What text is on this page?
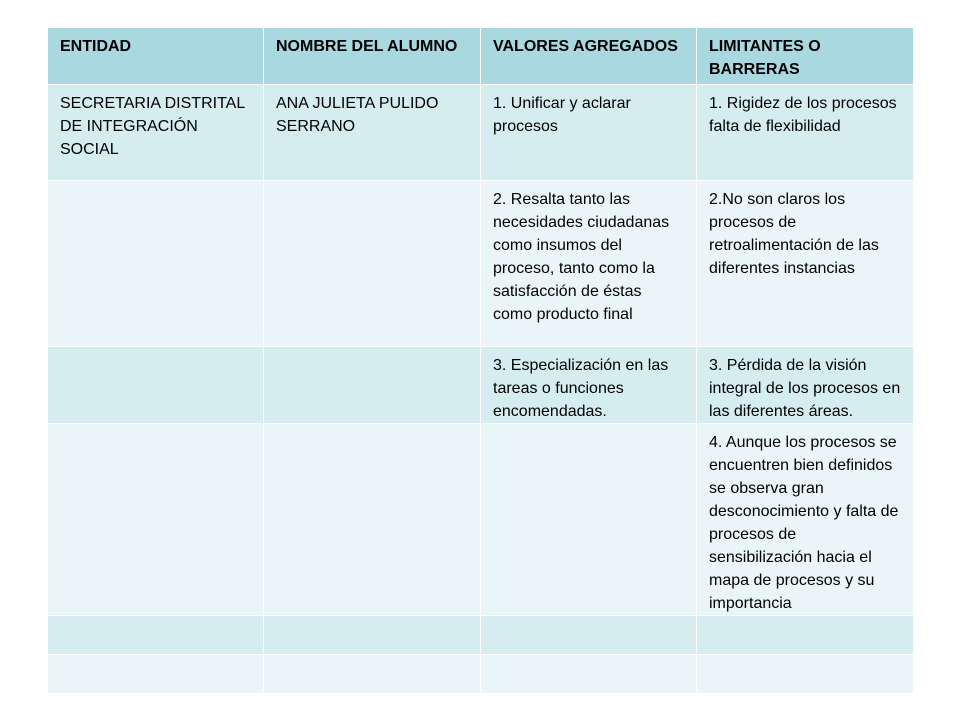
ENTIDAD	NOMBRE DEL ALUMNO	VALORES AGREGADOS	LIMITANTES O BARRERAS
SECRETARIA DISTRITAL DE INTEGRACIÓN SOCIAL	ANA JULIETA PULIDO SERRANO	1. Unificar y aclarar procesos	1. Rigidez de los procesos falta de flexibilidad
		2. Resalta tanto las necesidades ciudadanas como insumos del proceso, tanto como la satisfacción de éstas como producto final	2.No son claros los procesos de retroalimentación de las diferentes instancias
		3. Especialización en las tareas o funciones encomendadas.	3. Pérdida de la visión integral de los procesos en las diferentes áreas.
			4. Aunque los procesos se encuentren bien definidos se observa gran desconocimiento y falta de procesos de sensibilización hacia el mapa de procesos y su importancia
